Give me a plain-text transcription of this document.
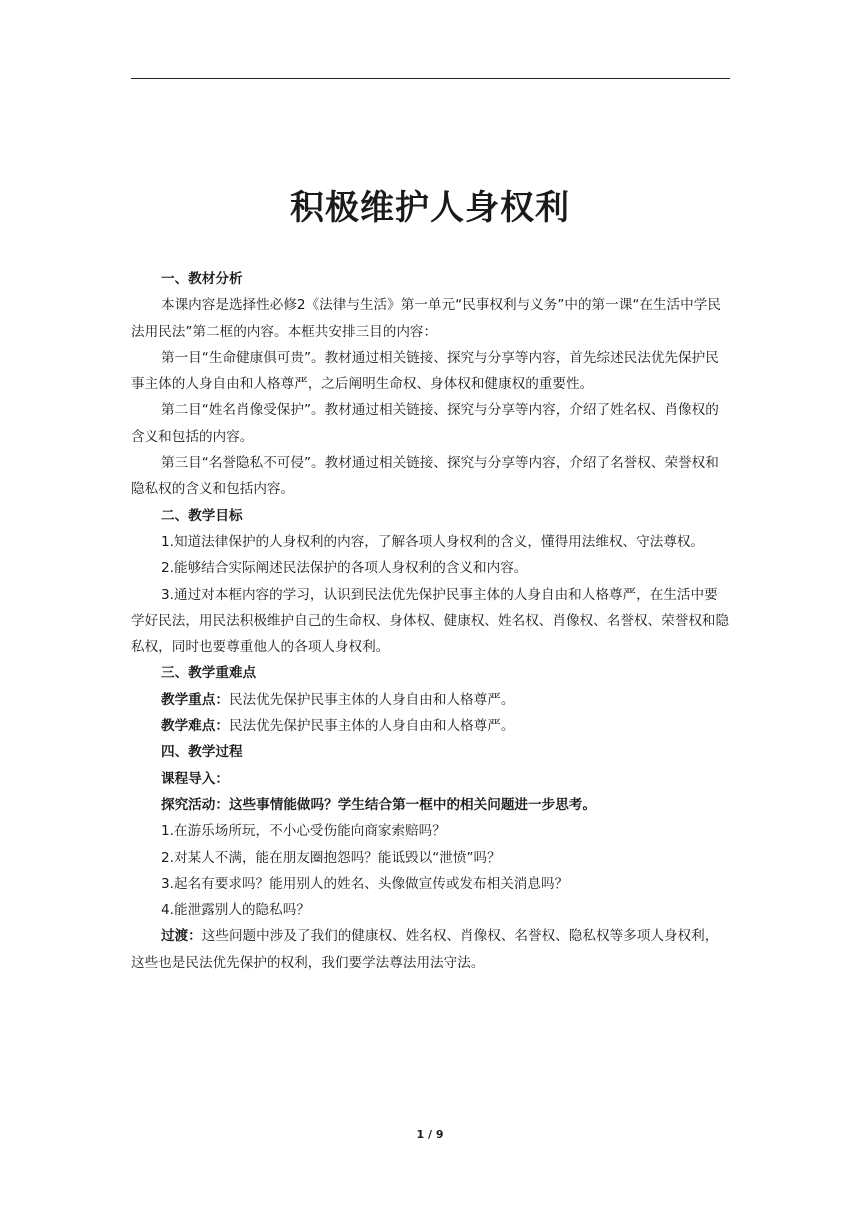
积极维护人身权利

一、教材分析

本课内容是选择性必修2《法律与生活》第一单元“民事权利与义务”中的第一课“在生活中学民法用民法”第二框的内容。本框共安排三目的内容：

第一目“生命健康俱可贵”。教材通过相关链接、探究与分享等内容，首先综述民法优先保护民事主体的人身自由和人格尊严，之后阐明生命权、身体权和健康权的重要性。

第二目“姓名肖像受保护”。教材通过相关链接、探究与分享等内容，介绍了姓名权、肖像权的含义和包括的内容。

第三目“名誉隐私不可侵”。教材通过相关链接、探究与分享等内容，介绍了名誉权、荣誉权和隐私权的含义和包括内容。

二、教学目标

1.知道法律保护的人身权利的内容，了解各项人身权利的含义，懂得用法维权、守法尊权。

2.能够结合实际阐述民法保护的各项人身权利的含义和内容。

3.通过对本框内容的学习，认识到民法优先保护民事主体的人身自由和人格尊严，在生活中要学好民法，用民法积极维护自己的生命权、身体权、健康权、姓名权、肖像权、名誉权、荣誉权和隐私权，同时也要尊重他人的各项人身权利。

三、教学重难点

教学重点：民法优先保护民事主体的人身自由和人格尊严。

教学难点：民法优先保护民事主体的人身自由和人格尊严。

四、教学过程

课程导入：

探究活动：这些事情能做吗？学生结合第一框中的相关问题进一步思考。

1.在游乐场所玩，不小心受伤能向商家索赔吗？

2.对某人不满，能在朋友圈抱怨吗？能诋毁以“泄愤”吗？

3.起名有要求吗？能用别人的姓名、头像做宣传或发布相关消息吗？

4.能泄露别人的隐私吗？

过渡：这些问题中涉及了我们的健康权、姓名权、肖像权、名誉权、隐私权等多项人身权利，这些也是民法优先保护的权利，我们要学法尊法用法守法。

1 / 9
